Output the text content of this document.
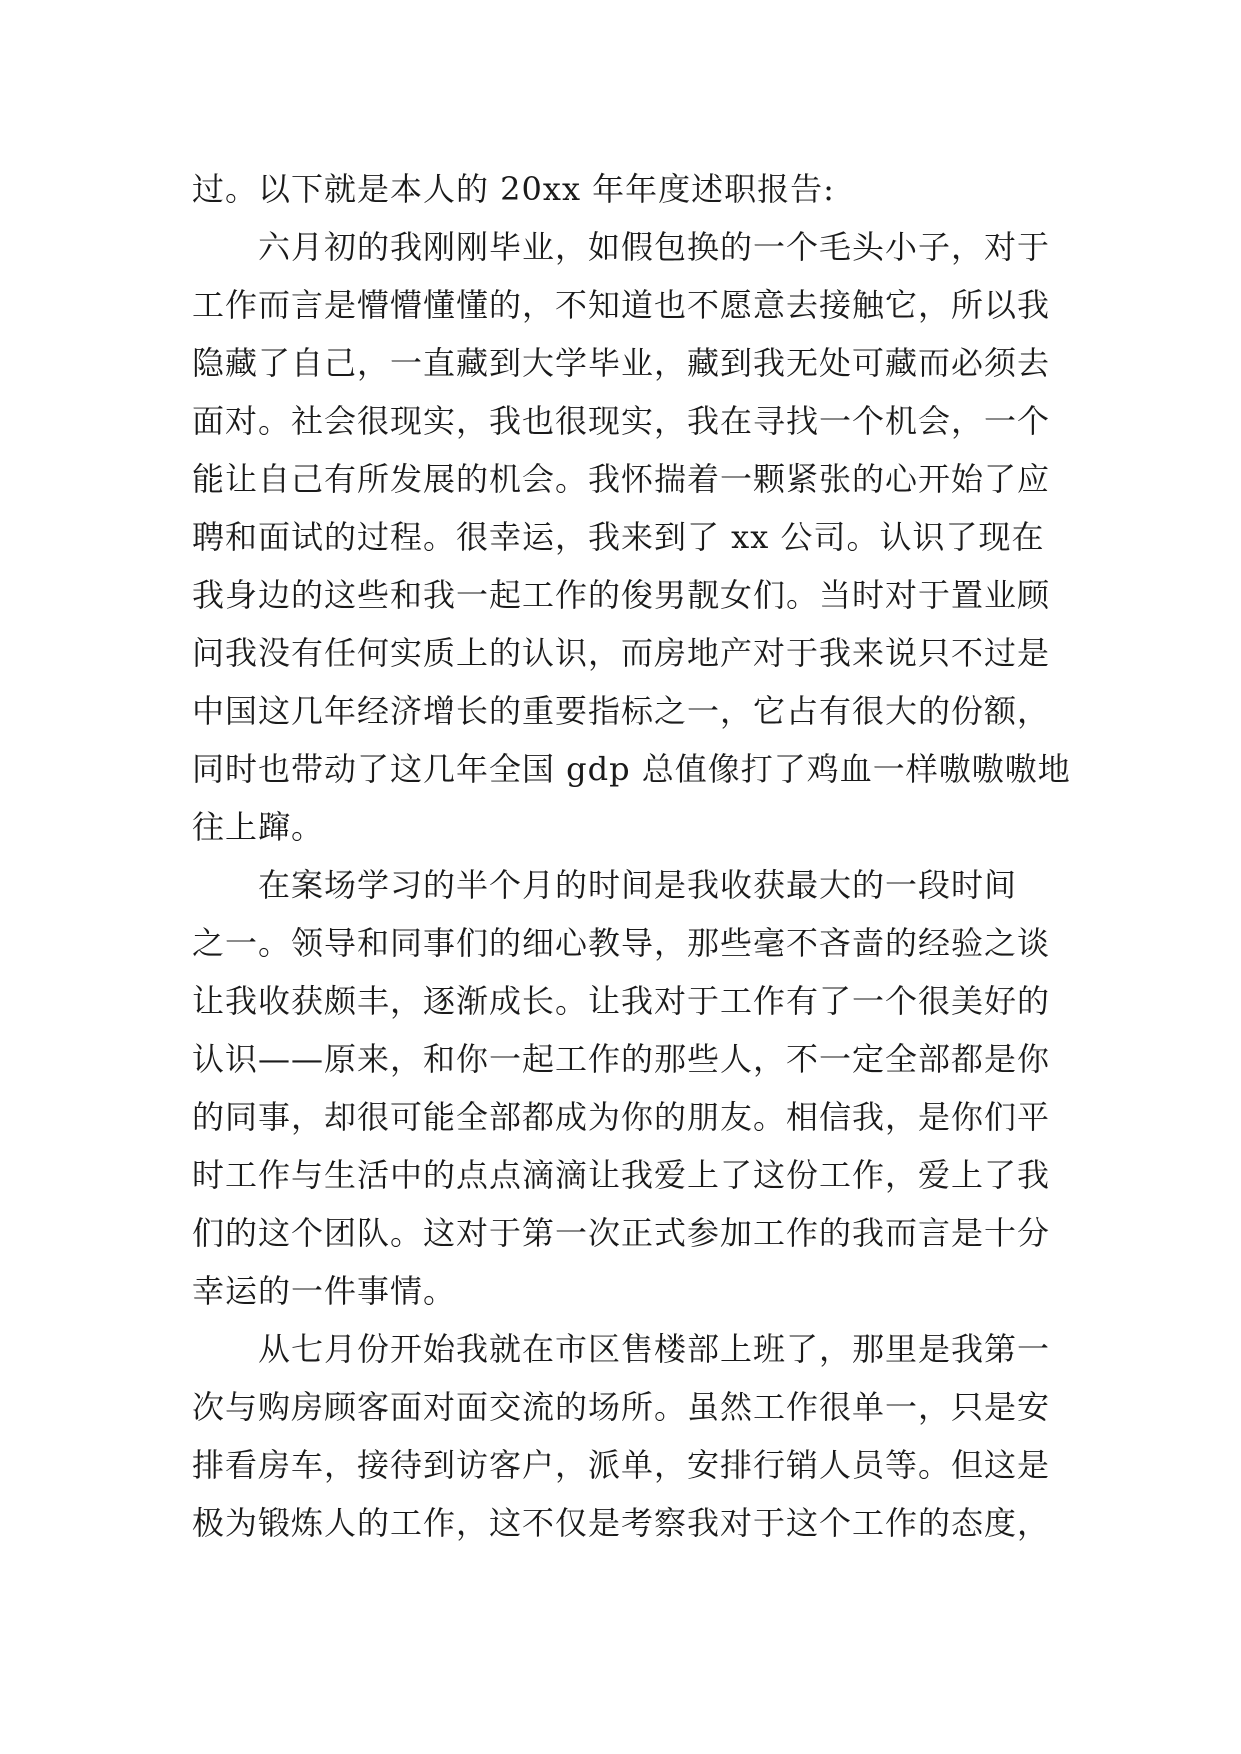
过。以下就是本人的 20xx 年年度述职报告:
　　六月初的我刚刚毕业，如假包换的一个毛头小子，对于
工作而言是懵懵懂懂的，不知道也不愿意去接触它，所以我
隐藏了自己，一直藏到大学毕业，藏到我无处可藏而必须去
面对。社会很现实，我也很现实，我在寻找一个机会，一个
能让自己有所发展的机会。我怀揣着一颗紧张的心开始了应
聘和面试的过程。很幸运，我来到了 xx 公司。认识了现在
我身边的这些和我一起工作的俊男靓女们。当时对于置业顾
问我没有任何实质上的认识，而房地产对于我来说只不过是
中国这几年经济增长的重要指标之一，它占有很大的份额，
同时也带动了这几年全国 gdp 总值像打了鸡血一样嗷嗷嗷地
往上蹿。
　　在案场学习的半个月的时间是我收获最大的一段时间
之一。领导和同事们的细心教导，那些毫不吝啬的经验之谈
让我收获颇丰，逐渐成长。让我对于工作有了一个很美好的
认识——原来，和你一起工作的那些人，不一定全部都是你
的同事，却很可能全部都成为你的朋友。相信我，是你们平
时工作与生活中的点点滴滴让我爱上了这份工作，爱上了我
们的这个团队。这对于第一次正式参加工作的我而言是十分
幸运的一件事情。
　　从七月份开始我就在市区售楼部上班了，那里是我第一
次与购房顾客面对面交流的场所。虽然工作很单一，只是安
排看房车，接待到访客户，派单，安排行销人员等。但这是
极为锻炼人的工作，这不仅是考察我对于这个工作的态度，
